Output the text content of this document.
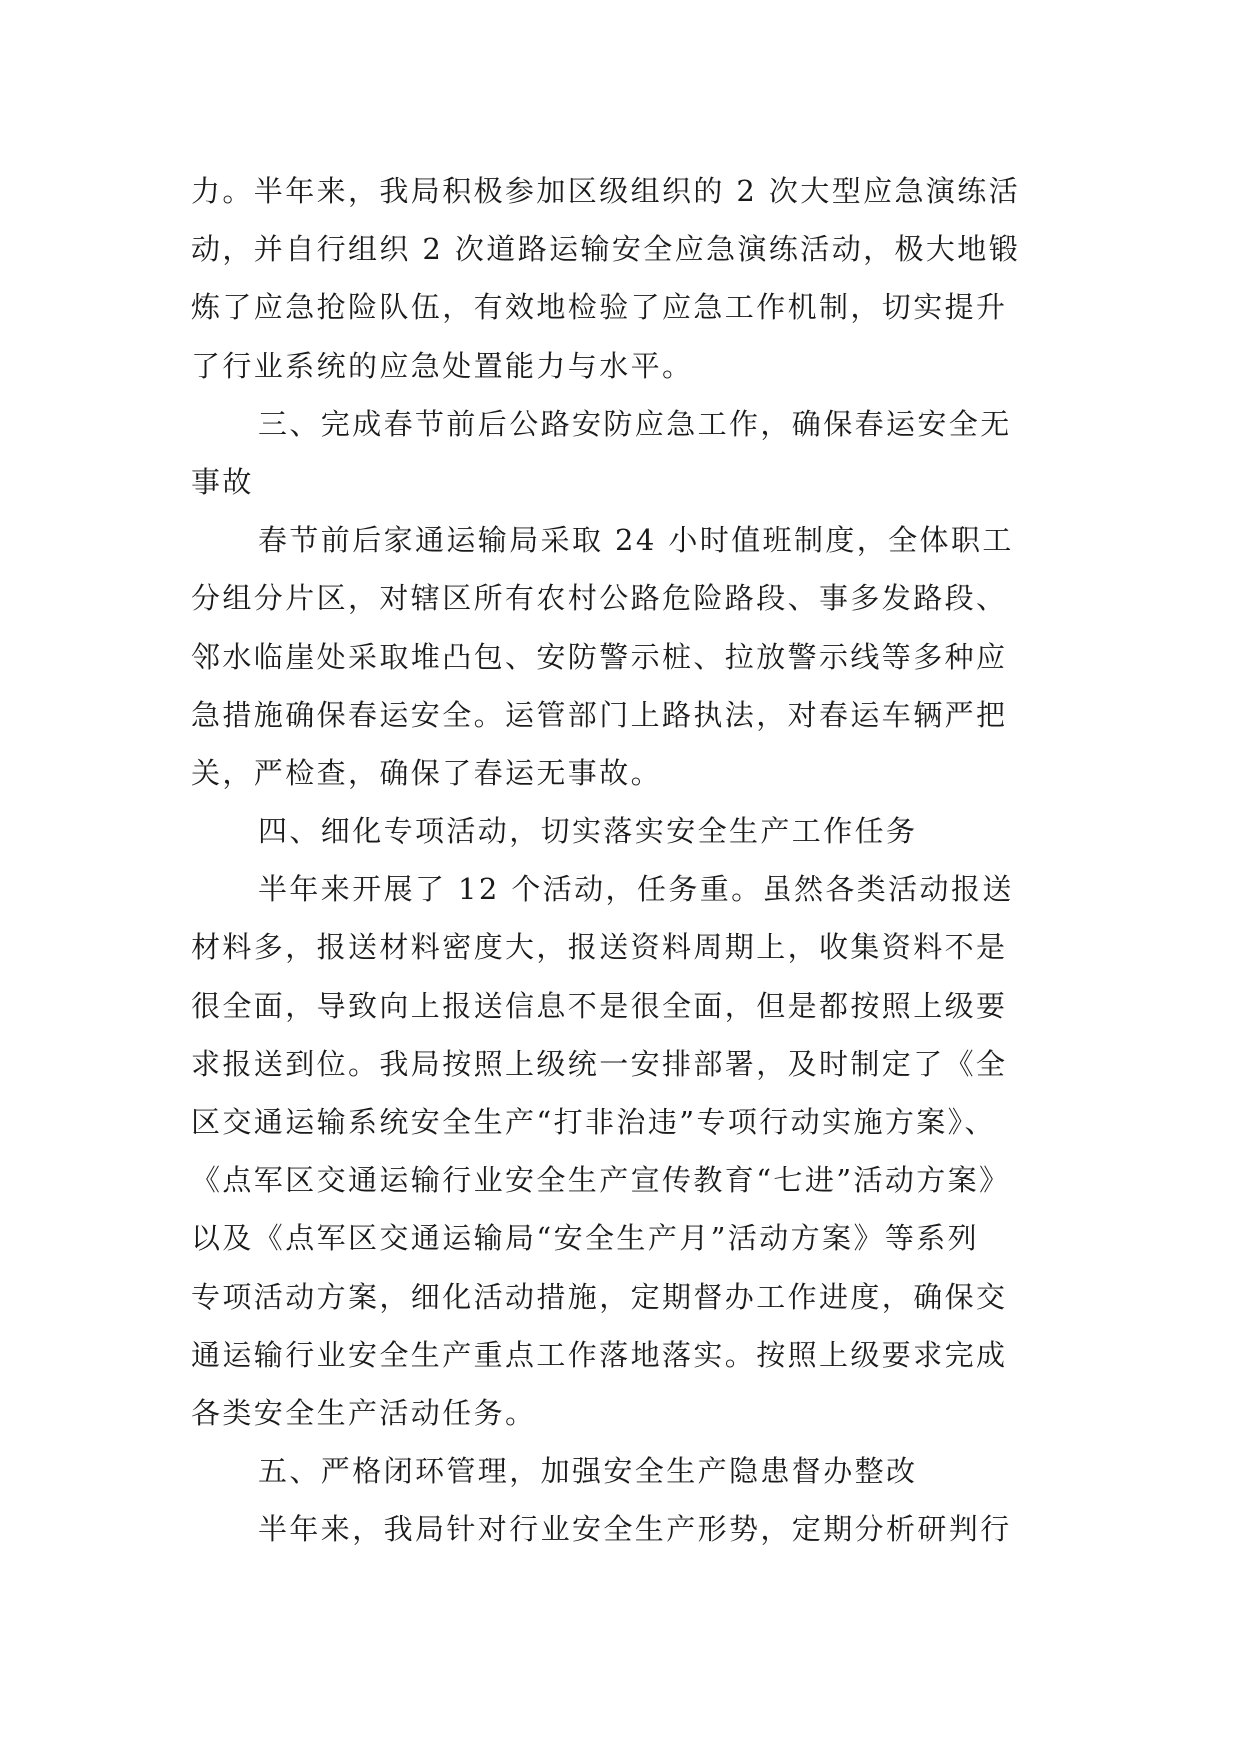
力。半年来，我局积极参加区级组织的 2 次大型应急演练活
动，并自行组织 2 次道路运输安全应急演练活动，极大地锻
炼了应急抢险队伍，有效地检验了应急工作机制，切实提升
了行业系统的应急处置能力与水平。
三、完成春节前后公路安防应急工作，确保春运安全无
事故
春节前后家通运输局采取 24 小时值班制度，全体职工
分组分片区，对辖区所有农村公路危险路段、事多发路段、
邻水临崖处采取堆凸包、安防警示桩、拉放警示线等多种应
急措施确保春运安全。运管部门上路执法，对春运车辆严把
关，严检查，确保了春运无事故。
四、细化专项活动，切实落实安全生产工作任务
半年来开展了 12 个活动，任务重。虽然各类活动报送
材料多，报送材料密度大，报送资料周期上，收集资料不是
很全面，导致向上报送信息不是很全面，但是都按照上级要
求报送到位。我局按照上级统一安排部署，及时制定了《全
区交通运输系统安全生产“打非治违”专项行动实施方案》、
《点军区交通运输行业安全生产宣传教育“七进”活动方案》
以及《点军区交通运输局“安全生产月”活动方案》等系列
专项活动方案，细化活动措施，定期督办工作进度，确保交
通运输行业安全生产重点工作落地落实。按照上级要求完成
各类安全生产活动任务。
五、严格闭环管理，加强安全生产隐患督办整改
半年来，我局针对行业安全生产形势，定期分析研判行
